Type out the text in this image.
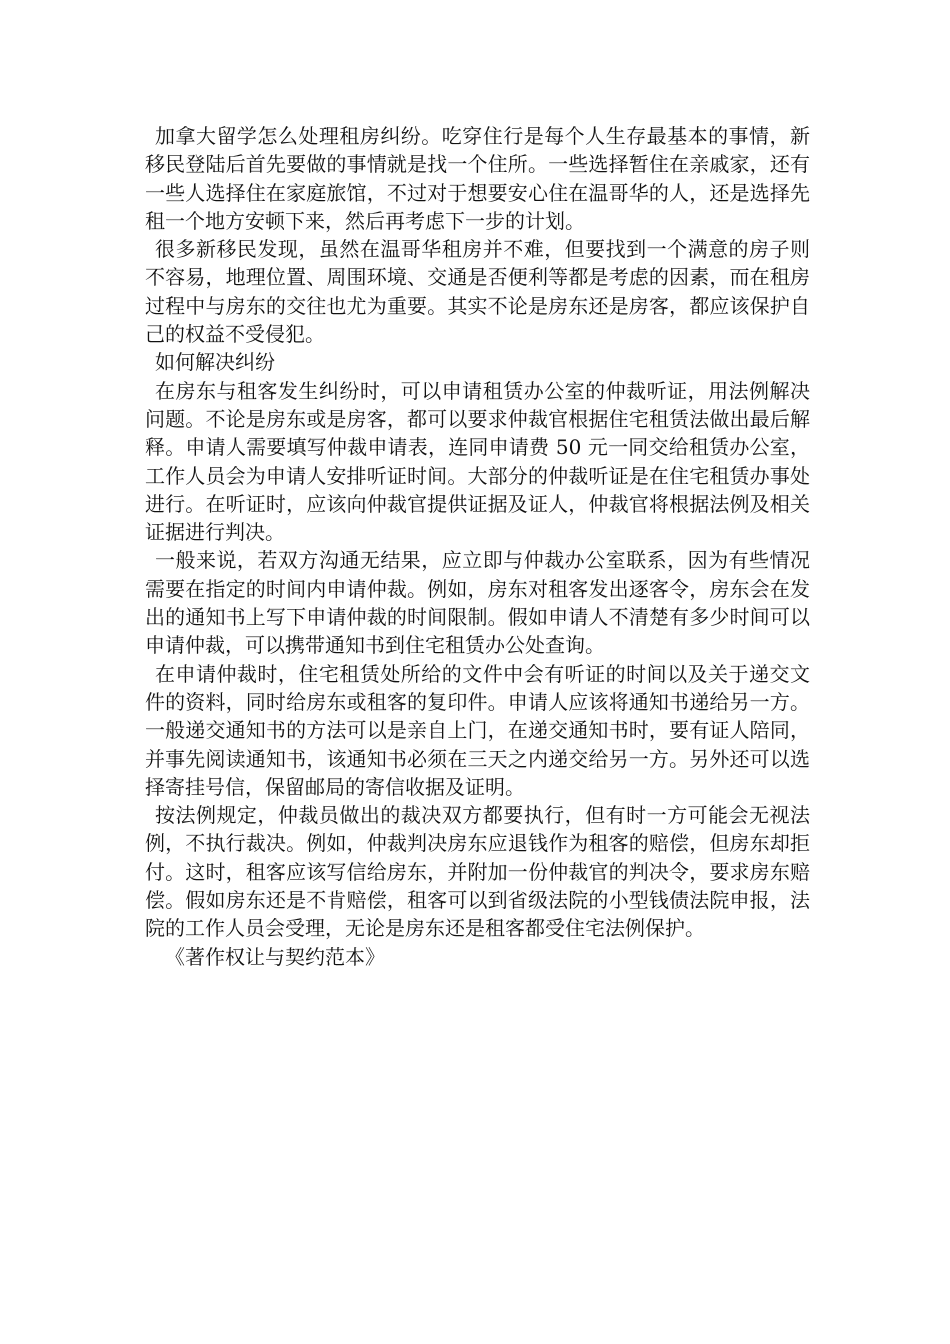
加拿大留学怎么处理租房纠纷。吃穿住行是每个人生存最基本的事情，新移民登陆后首先要做的事情就是找一个住所。一些选择暂住在亲戚家，还有一些人选择住在家庭旅馆，不过对于想要安心住在温哥华的人，还是选择先租一个地方安顿下来，然后再考虑下一步的计划。

很多新移民发现，虽然在温哥华租房并不难，但要找到一个满意的房子则不容易，地理位置、周围环境、交通是否便利等都是考虑的因素，而在租房过程中与房东的交往也尤为重要。其实不论是房东还是房客，都应该保护自己的权益不受侵犯。

如何解决纠纷

在房东与租客发生纠纷时，可以申请租赁办公室的仲裁听证，用法例解决问题。不论是房东或是房客，都可以要求仲裁官根据住宅租赁法做出最后解释。申请人需要填写仲裁申请表，连同申请费 50 元一同交给租赁办公室，工作人员会为申请人安排听证时间。大部分的仲裁听证是在住宅租赁办事处进行。在听证时，应该向仲裁官提供证据及证人，仲裁官将根据法例及相关证据进行判决。

一般来说，若双方沟通无结果，应立即与仲裁办公室联系，因为有些情况需要在指定的时间内申请仲裁。例如，房东对租客发出逐客令，房东会在发出的通知书上写下申请仲裁的时间限制。假如申请人不清楚有多少时间可以申请仲裁，可以携带通知书到住宅租赁办公处查询。

在申请仲裁时，住宅租赁处所给的文件中会有听证的时间以及关于递交文件的资料，同时给房东或租客的复印件。申请人应该将通知书递给另一方。一般递交通知书的方法可以是亲自上门，在递交通知书时，要有证人陪同，并事先阅读通知书，该通知书必须在三天之内递交给另一方。另外还可以选择寄挂号信，保留邮局的寄信收据及证明。

按法例规定，仲裁员做出的裁决双方都要执行，但有时一方可能会无视法例，不执行裁决。例如，仲裁判决房东应退钱作为租客的赔偿，但房东却拒付。这时，租客应该写信给房东，并附加一份仲裁官的判决令，要求房东赔偿。假如房东还是不肯赔偿，租客可以到省级法院的小型钱债法院申报，法院的工作人员会受理，无论是房东还是租客都受住宅法例保护。

《著作权让与契约范本》
